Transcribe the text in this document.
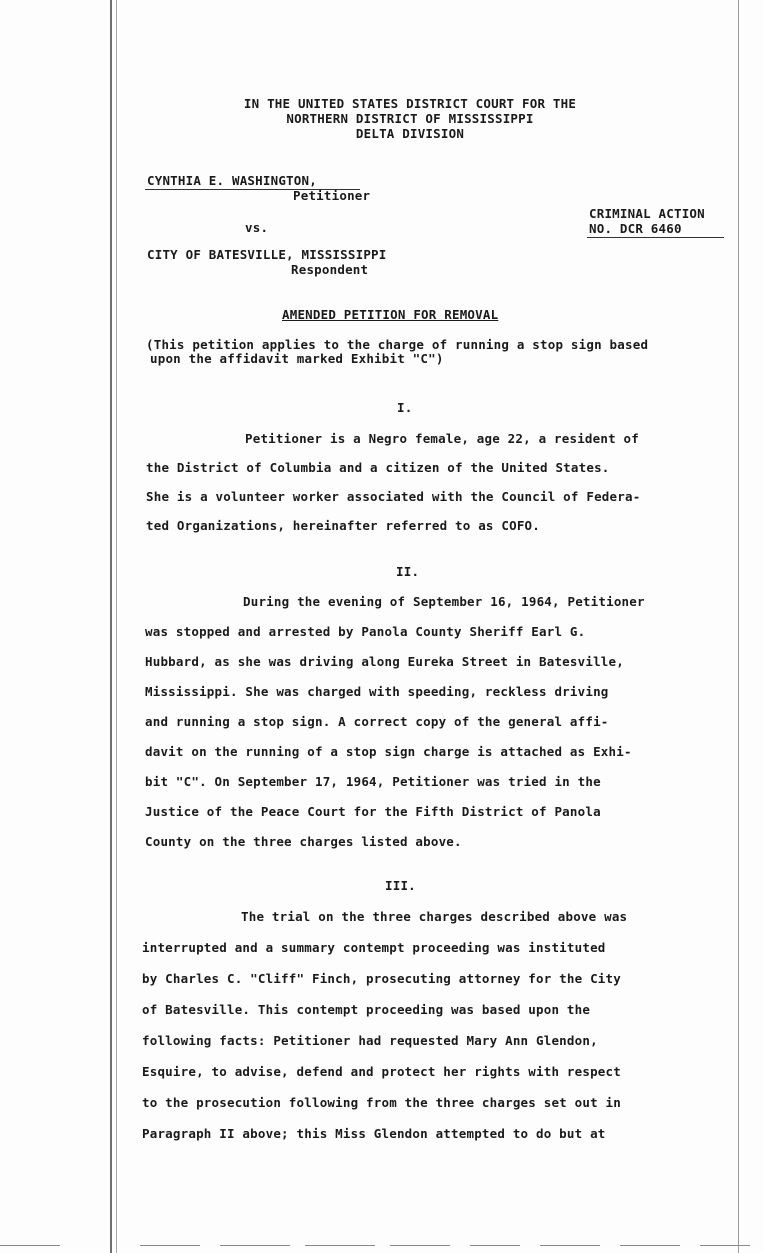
IN THE UNITED STATES DISTRICT COURT FOR THE
NORTHERN DISTRICT OF MISSISSIPPI
DELTA DIVISION
CYNTHIA E. WASHINGTON,
Petitioner
vs.
CITY OF BATESVILLE, MISSISSIPPI
Respondent
CRIMINAL ACTION
NO. DCR 6460
AMENDED PETITION FOR REMOVAL
(This petition applies to the charge of running a stop sign based
upon the affidavit marked Exhibit "C")
I.
Petitioner is a Negro female, age 22, a resident of
the District of Columbia and a citizen of the United States.
She is a volunteer worker associated with the Council of Federa-
ted Organizations, hereinafter referred to as COFO.
II.
During the evening of September 16, 1964, Petitioner
was stopped and arrested by Panola County Sheriff Earl G.
Hubbard, as she was driving along Eureka Street in Batesville,
Mississippi. She was charged with speeding, reckless driving
and running a stop sign. A correct copy of the general affi-
davit on the running of a stop sign charge is attached as Exhi-
bit "C". On September 17, 1964, Petitioner was tried in the
Justice of the Peace Court for the Fifth District of Panola
County on the three charges listed above.
III.
The trial on the three charges described above was
interrupted and a summary contempt proceeding was instituted
by Charles C. "Cliff" Finch, prosecuting attorney for the City
of Batesville. This contempt proceeding was based upon the
following facts: Petitioner had requested Mary Ann Glendon,
Esquire, to advise, defend and protect her rights with respect
to the prosecution following from the three charges set out in
Paragraph II above; this Miss Glendon attempted to do but at
